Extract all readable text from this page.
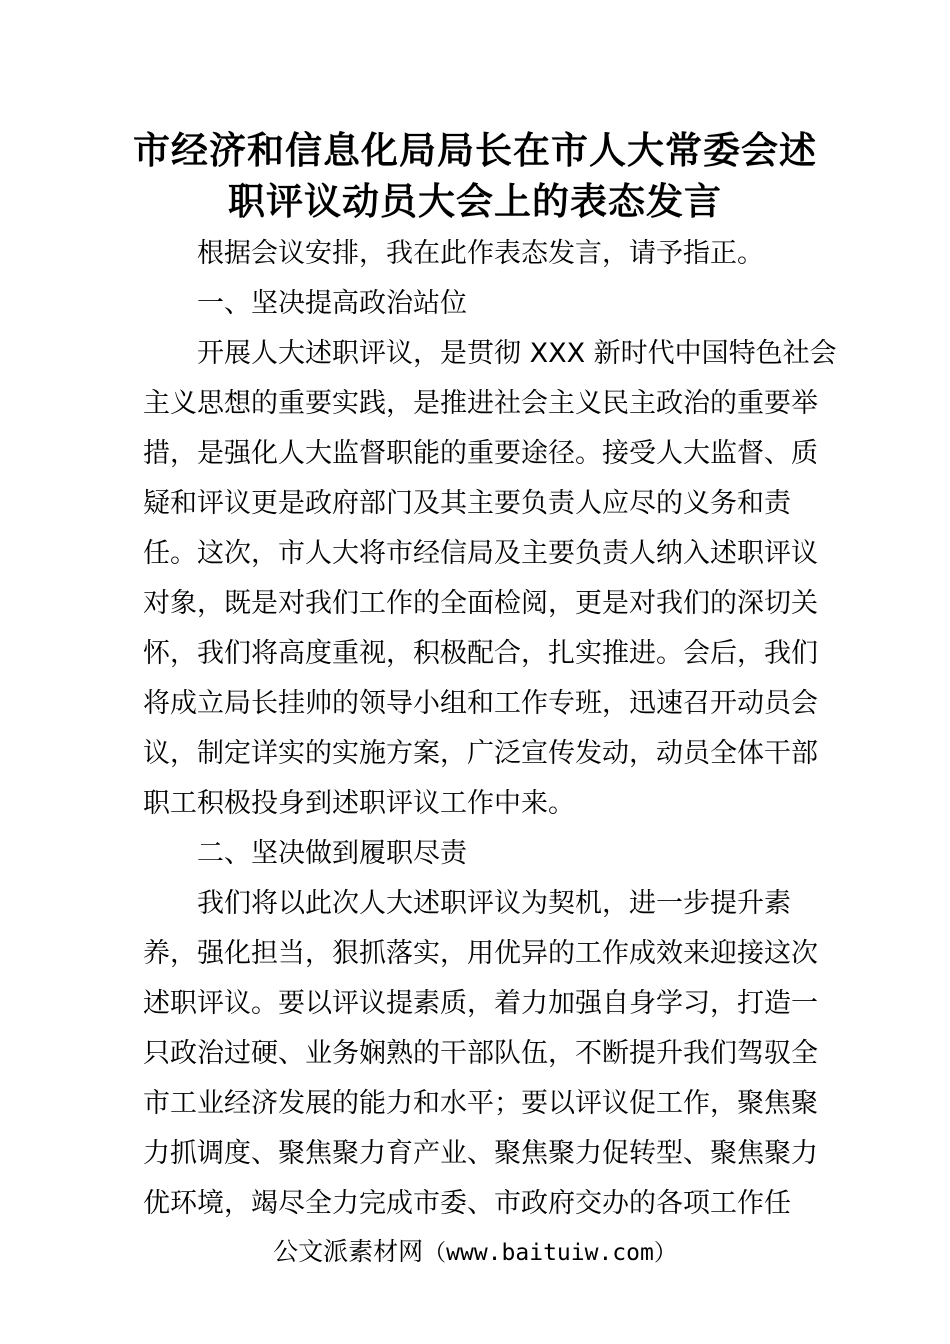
市经济和信息化局局长在市人大常委会述
职评议动员大会上的表态发言
根据会议安排，我在此作表态发言，请予指正。
一、坚决提高政治站位
开展人大述职评议，是贯彻 XXX 新时代中国特色社会
主义思想的重要实践，是推进社会主义民主政治的重要举
措，是强化人大监督职能的重要途径。接受人大监督、质
疑和评议更是政府部门及其主要负责人应尽的义务和责
任。这次，市人大将市经信局及主要负责人纳入述职评议
对象，既是对我们工作的全面检阅，更是对我们的深切关
怀，我们将高度重视，积极配合，扎实推进。会后，我们
将成立局长挂帅的领导小组和工作专班，迅速召开动员会
议，制定详实的实施方案，广泛宣传发动，动员全体干部
职工积极投身到述职评议工作中来。
二、坚决做到履职尽责
我们将以此次人大述职评议为契机，进一步提升素
养，强化担当，狠抓落实，用优异的工作成效来迎接这次
述职评议。要以评议提素质，着力加强自身学习，打造一
只政治过硬、业务娴熟的干部队伍，不断提升我们驾驭全
市工业经济发展的能力和水平；要以评议促工作，聚焦聚
力抓调度、聚焦聚力育产业、聚焦聚力促转型、聚焦聚力
优环境，竭尽全力完成市委、市政府交办的各项工作任
公文派素材网（www.baituiw.com）
